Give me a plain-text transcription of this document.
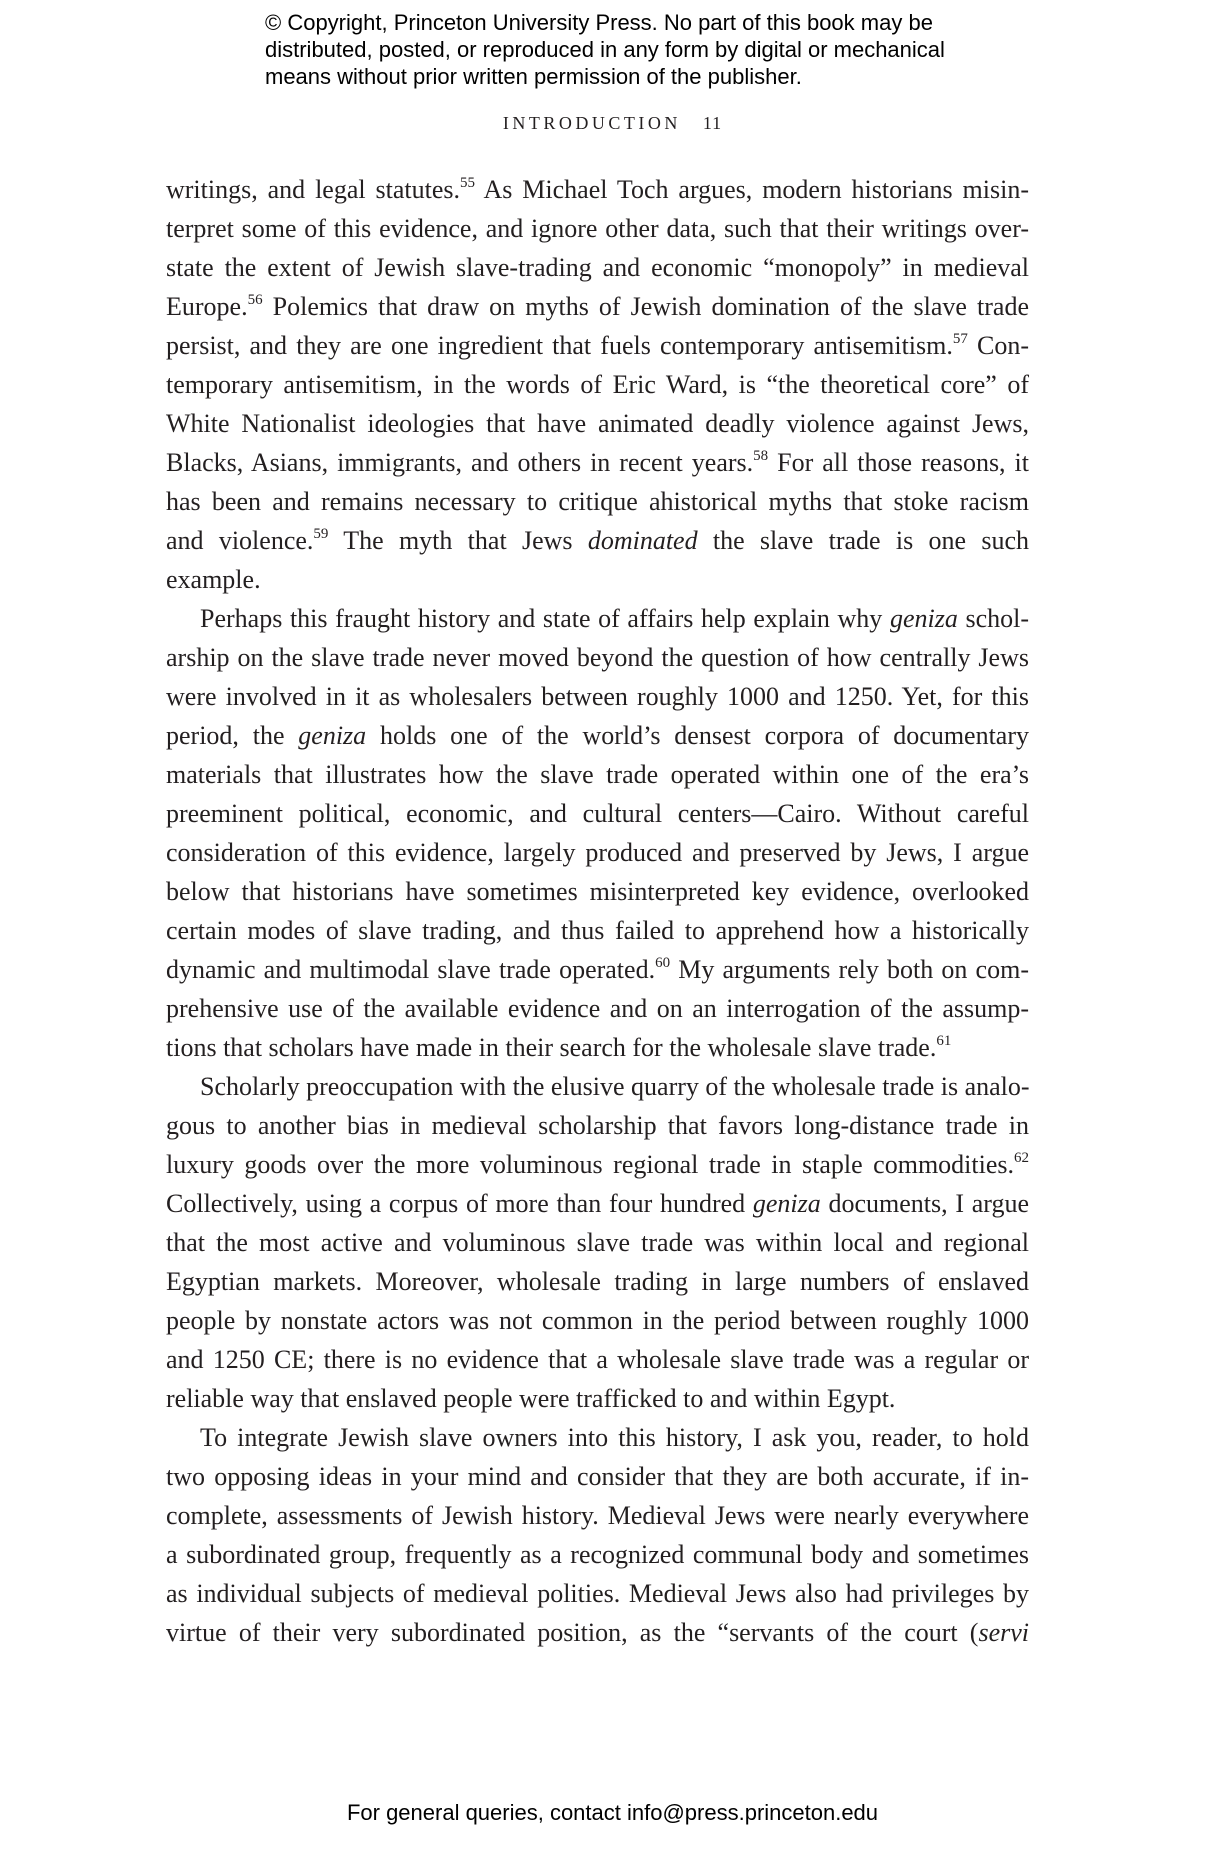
© Copyright, Princeton University Press. No part of this book may be
distributed, posted, or reproduced in any form by digital or mechanical
means without prior written permission of the publisher.
INTRODUCTION 11
writings, and legal statutes.$^{55}$ As Michael Toch argues, modern historians misin-
terpret some of this evidence, and ignore other data, such that their writings over-
state the extent of Jewish slave-trading and economic “monopoly” in medieval
Europe.$^{56}$ Polemics that draw on myths of Jewish domination of the slave trade
persist, and they are one ingredient that fuels contemporary antisemitism.$^{57}$ Con-
temporary antisemitism, in the words of Eric Ward, is “the theoretical core” of
White Nationalist ideologies that have animated deadly violence against Jews,
Blacks, Asians, immigrants, and others in recent years.$^{58}$ For all those reasons, it
has been and remains necessary to critique ahistorical myths that stoke racism
and violence.$^{59}$ The myth that Jews dominated the slave trade is one such
example.
Perhaps this fraught history and state of affairs help explain why geniza schol-
arship on the slave trade never moved beyond the question of how centrally Jews
were involved in it as wholesalers between roughly 1000 and 1250. Yet, for this
period, the geniza holds one of the world’s densest corpora of documentary
materials that illustrates how the slave trade operated within one of the era’s
preeminent political, economic, and cultural centers—Cairo. Without careful
consideration of this evidence, largely produced and preserved by Jews, I argue
below that historians have sometimes misinterpreted key evidence, overlooked
certain modes of slave trading, and thus failed to apprehend how a historically
dynamic and multimodal slave trade operated.$^{60}$ My arguments rely both on com-
prehensive use of the available evidence and on an interrogation of the assump-
tions that scholars have made in their search for the wholesale slave trade.$^{61}$
Scholarly preoccupation with the elusive quarry of the wholesale trade is analo-
gous to another bias in medieval scholarship that favors long-distance trade in
luxury goods over the more voluminous regional trade in staple commodities.$^{62}$
Collectively, using a corpus of more than four hundred geniza documents, I argue
that the most active and voluminous slave trade was within local and regional
Egyptian markets. Moreover, wholesale trading in large numbers of enslaved
people by nonstate actors was not common in the period between roughly 1000
and 1250 CE; there is no evidence that a wholesale slave trade was a regular or
reliable way that enslaved people were trafficked to and within Egypt.
To integrate Jewish slave owners into this history, I ask you, reader, to hold
two opposing ideas in your mind and consider that they are both accurate, if in-
complete, assessments of Jewish history. Medieval Jews were nearly everywhere
a subordinated group, frequently as a recognized communal body and sometimes
as individual subjects of medieval polities. Medieval Jews also had privileges by
virtue of their very subordinated position, as the “servants of the court (servi
For general queries, contact info@press.princeton.edu
